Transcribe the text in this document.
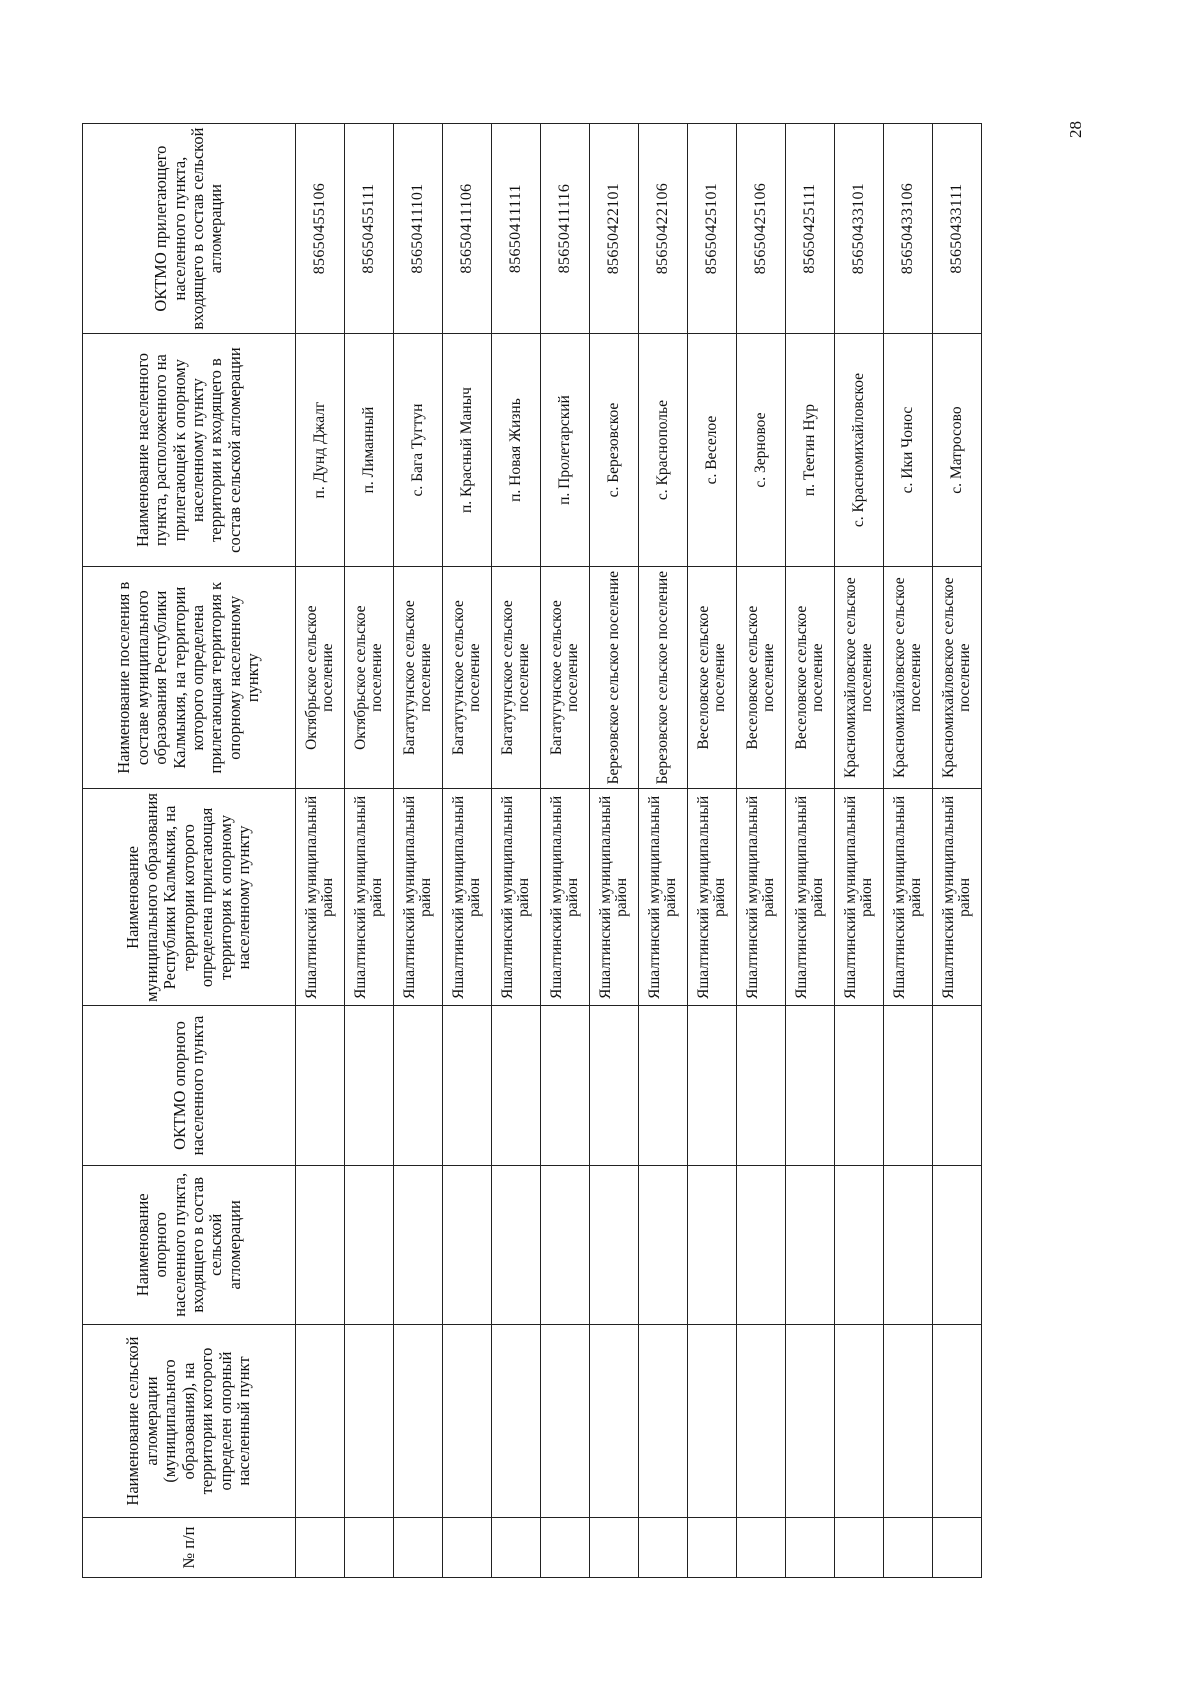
№ п/п	Наименование сельской агломерации (муниципального образования), на территории которого определен опорный населенный пункт	Наименование опорного населенного пункта, входящего в состав сельской агломерации	ОКТМО опорного населенного пункта	Наименование муниципального образования Республики Калмыкия, на территории которого определена прилегающая территория к опорному населенному пункту	Наименование поселения в составе муниципального образования Республики Калмыкия, на территории которого определена прилегающая территория к опорному населенному пункту	Наименование населенного пункта, расположенного на прилегающей к опорному населенному пункту территории и входящего в состав сельской агломерации	ОКТМО прилегающего населенного пункта, входящего в состав сельской агломерации
				Яшалтинский муниципальный район	Октябрьское сельское поселение	п. Дунд Джалг	85650455106
				Яшалтинский муниципальный район	Октябрьское сельское поселение	п. Лиманный	85650455111
				Яшалтинский муниципальный район	Багатугунское сельское поселение	с. Бага Тугтун	85650411101
				Яшалтинский муниципальный район	Багатугунское сельское поселение	п. Красный Маныч	85650411106
				Яшалтинский муниципальный район	Багатугунское сельское поселение	п. Новая Жизнь	85650411111
				Яшалтинский муниципальный район	Багатугунское сельское поселение	п. Пролетарский	85650411116
				Яшалтинский муниципальный район	Березовское сельское поселение	с. Березовское	85650422101
				Яшалтинский муниципальный район	Березовское сельское поселение	с. Краснополье	85650422106
				Яшалтинский муниципальный район	Веселовское сельское поселение	с. Веселое	85650425101
				Яшалтинский муниципальный район	Веселовское сельское поселение	с. Зерновое	85650425106
				Яшалтинский муниципальный район	Веселовское сельское поселение	п. Теегин Нур	85650425111
				Яшалтинский муниципальный район	Красномихайловское сельское поселение	с. Красномихайловское	85650433101
				Яшалтинский муниципальный район	Красномихайловское сельское поселение	с. Ики Чонос	85650433106
				Яшалтинский муниципальный район	Красномихайловское сельское поселение	с. Матросово	85650433111
28
